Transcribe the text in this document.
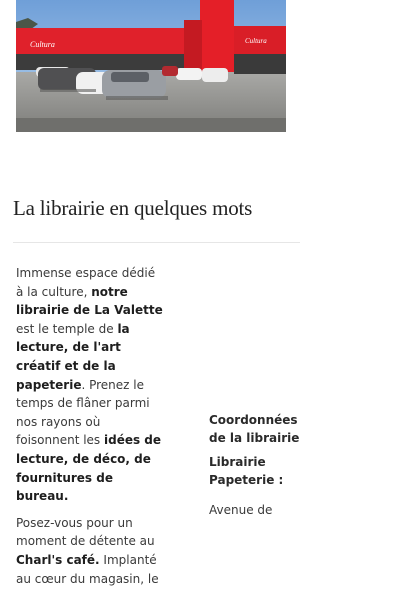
Cultura	Cultura
La librairie en quelques mots

Immense espace dédié à la culture, notre librairie de La Valette est le temple de la lecture, de l'art créatif et de la papeterie. Prenez le temps de flâner parmi nos rayons où foisonnent les idées de lecture, de déco, de fournitures de bureau.

Posez-vous pour un moment de détente au Charl's café. Implanté au cœur du magasin, le

Coordonnées de la librairie
Librairie Papeterie :
Avenue de
